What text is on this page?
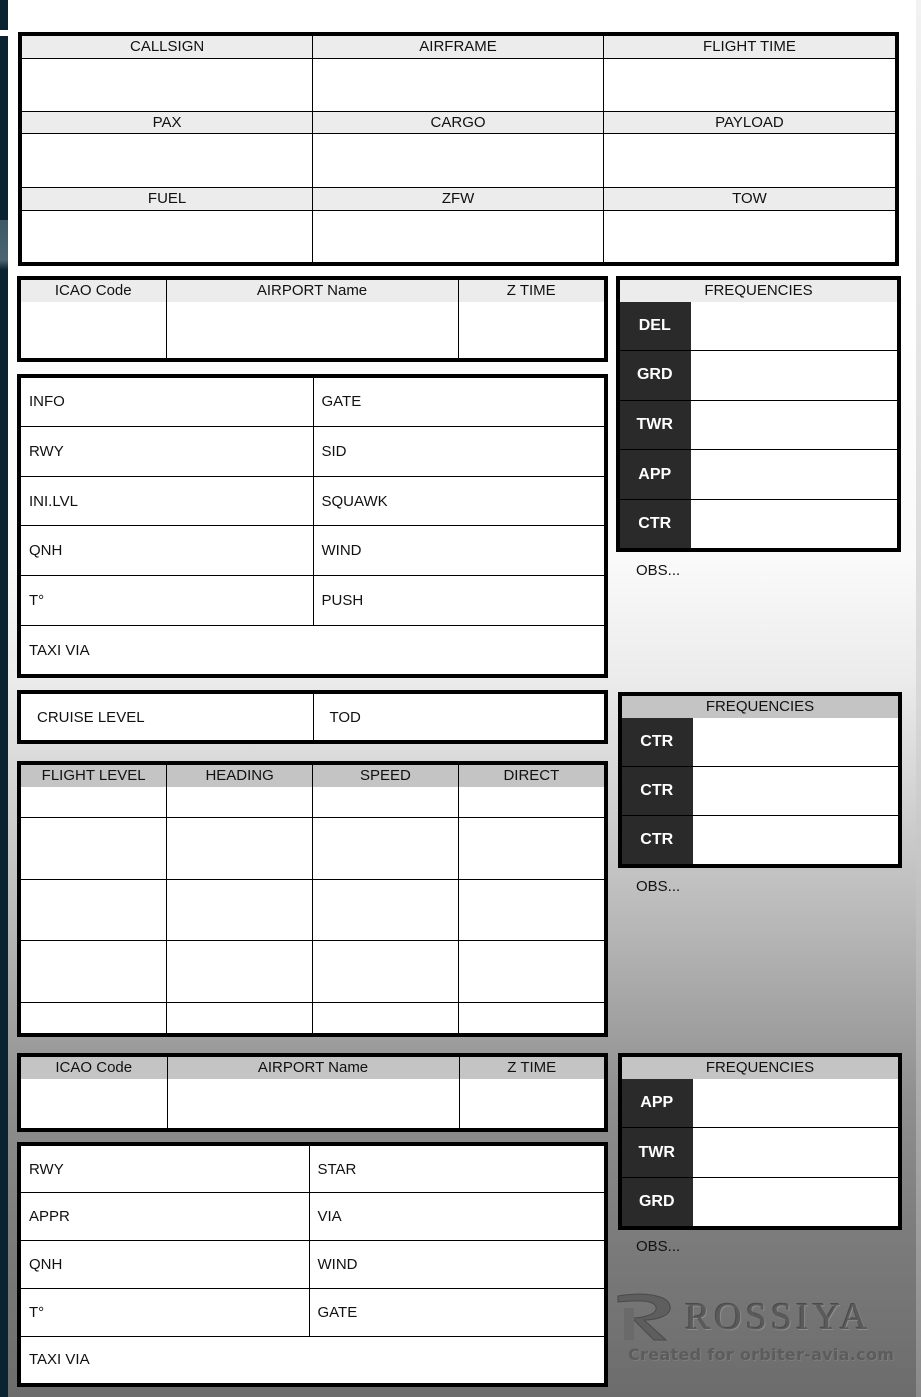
CALLSIGN	AIRFRAME	FLIGHT TIME

PAX	CARGO	PAYLOAD

FUEL	ZFW	TOW

ICAO Code	AIRPORT Name	Z TIME

INFO	GATE
RWY	SID
INI.LVL	SQUAWK
QNH	WIND
T°	PUSH
TAXI VIA	
FREQUENCIES	
DEL	
GRD	
TWR	
APP	
CTR	
OBS...
CRUISE LEVEL	TOD
FLIGHT LEVEL	HEADING	SPEED	DIRECT

FREQUENCIES	
CTR	
CTR	
CTR	
OBS...
ICAO Code	AIRPORT Name	Z TIME

RWY	STAR
APPR	VIA
QNH	WIND
T°	GATE
TAXI VIA	
FREQUENCIES	
APP	
TWR	
GRD	
OBS...
ROSSIYA
Created for orbiter-avia.com
